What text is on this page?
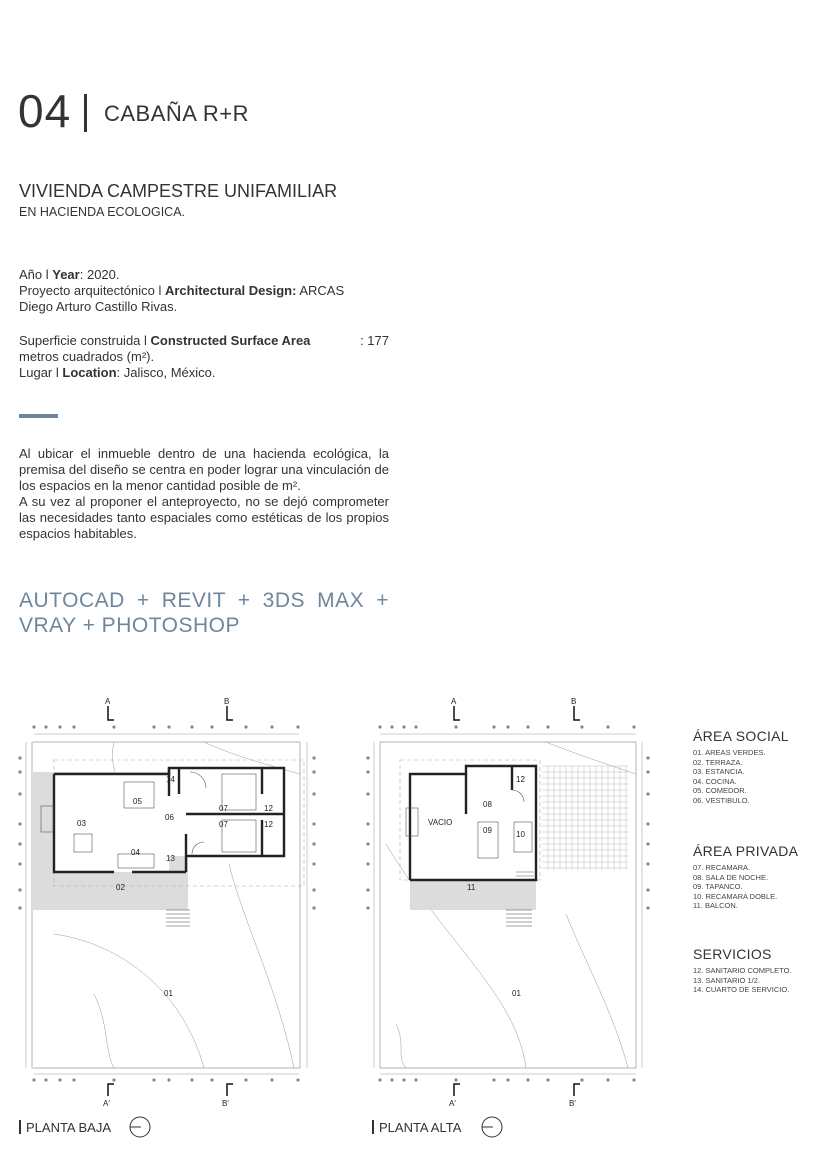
04 CABAÑA R+R
VIVIENDA CAMPESTRE UNIFAMILIAR
EN HACIENDA ECOLOGICA.
Año l Year: 2020.
Proyecto arquitectónico l Architectural Design: ARCAS
Diego Arturo Castillo Rivas.
Superficie construida l Constructed Surface Area	: 177
metros cuadrados (m²).
Lugar l Location: Jalisco, México.

Al ubicar el inmueble dentro de una hacienda ecológica, la premisa del diseño se centra en poder lograr una vinculación de los espacios en la menor cantidad posible de m².

A su vez al proponer el anteproyecto, no se dejó comprometer las necesidades tanto espaciales como estéticas de los propios espacios habitables.

AUTOCAD + REVIT + 3DS MAX + VRAY + PHOTOSHOP
A	B
A'	B'
01
02
03
04
05
06
07
07
12
12
13
14
PLANTA BAJA
A	B
A'	B'
01
VACIO
08
09	10
11
12
PLANTA ALTA
ÁREA SOCIAL
01. AREAS VERDES.
02. TERRAZA.
03. ESTANCIA.
04. COCINA.
05. COMEDOR.
06. VESTIBULO.
ÁREA PRIVADA
07. RECAMARA.
08. SALA DE NOCHE.
09. TAPANCO.
10. RECAMARA DOBLE.
11. BALCON.
SERVICIOS
12. SANITARIO COMPLETO.
13. SANITARIO 1/2.
14. CUARTO DE SERVICIO.
